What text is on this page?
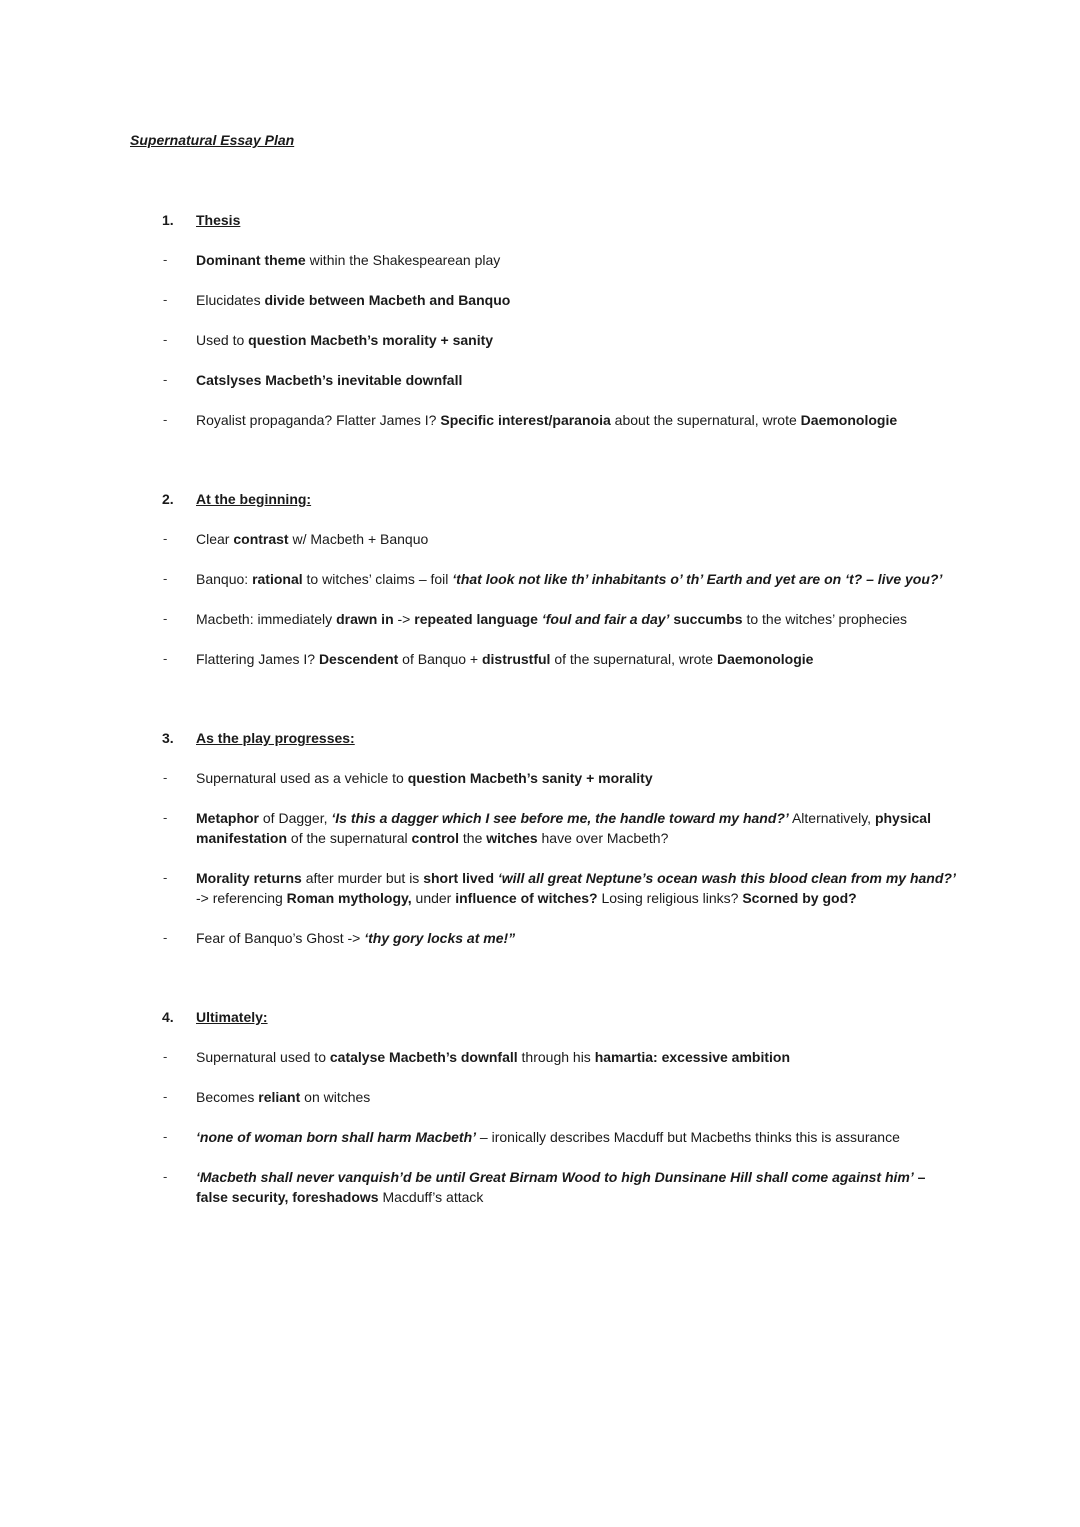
Supernatural Essay Plan
1. Thesis
- Dominant theme within the Shakespearean play
- Elucidates divide between Macbeth and Banquo
- Used to question Macbeth’s morality + sanity
- Catslyses Macbeth’s inevitable downfall
- Royalist propaganda? Flatter James I? Specific interest/paranoia about the supernatural, wrote Daemonologie
2. At the beginning:
- Clear contrast w/ Macbeth + Banquo
- Banquo: rational to witches’ claims – foil ‘that look not like th’ inhabitants o’ th’ Earth and yet are on ‘t? – live you?’
- Macbeth: immediately drawn in -> repeated language ‘foul and fair a day’ succumbs to the witches’ prophecies
- Flattering James I? Descendent of Banquo + distrustful of the supernatural, wrote Daemonologie
3. As the play progresses:
- Supernatural used as a vehicle to question Macbeth’s sanity + morality
- Metaphor of Dagger, ‘Is this a dagger which I see before me, the handle toward my hand?’ Alternatively, physical manifestation of the supernatural control the witches have over Macbeth?
- Morality returns after murder but is short lived ‘will all great Neptune’s ocean wash this blood clean from my hand?’ -> referencing Roman mythology, under influence of witches? Losing religious links? Scorned by god?
- Fear of Banquo’s Ghost -> ‘thy gory locks at me!”
4. Ultimately:
- Supernatural used to catalyse Macbeth’s downfall through his hamartia: excessive ambition
- Becomes reliant on witches
- ‘none of woman born shall harm Macbeth’ – ironically describes Macduff but Macbeths thinks this is assurance
- ‘Macbeth shall never vanquish’d be until Great Birnam Wood to high Dunsinane Hill shall come against him’ – false security, foreshadows Macduff’s attack
